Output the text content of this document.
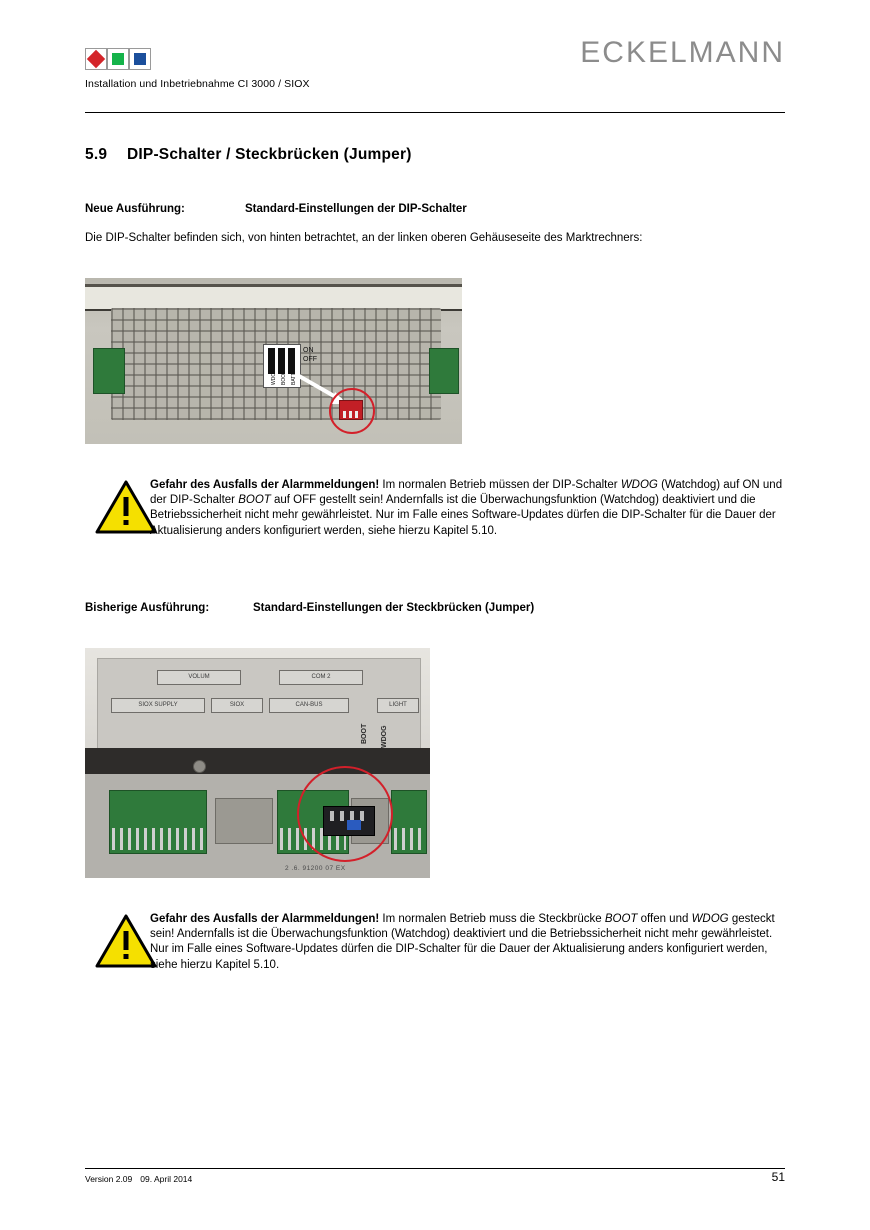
ECKELMANN
Installation und Inbetriebnahme CI 3000 / SIOX
5.9 DIP-Schalter / Steckbrücken (Jumper)
Neue Ausführung:	Standard-Einstellungen der DIP-Schalter
Die DIP-Schalter befinden sich, von hinten betrachtet, an der linken oberen Gehäuseseite des Marktrechners:
WDOG BOOT BATT
ON
OFF
Gefahr des Ausfalls der Alarmmeldungen! Im normalen Betrieb müssen der DIP-Schalter WDOG (Watchdog) auf ON und der DIP-Schalter BOOT auf OFF gestellt sein! Andernfalls ist die Überwachungsfunktion (Watchdog) deaktiviert und die Betriebssicherheit nicht mehr gewährleistet. Nur im Falle eines Software-Updates dürfen die DIP-Schalter für die Dauer der Aktualisierung anders konfiguriert werden, siehe hierzu Kapitel 5.10.
Bisherige Ausführung:	Standard-Einstellungen der Steckbrücken (Jumper)
VOLUM	COM 2
SIOX SUPPLY	SIOX	CAN-BUS	LIGHT
BOOT WDOG
2 .6. 91200 07 EX
Gefahr des Ausfalls der Alarmmeldungen! Im normalen Betrieb muss die Steckbrücke BOOT offen und WDOG gesteckt sein! Andernfalls ist die Überwachungsfunktion (Watchdog) deaktiviert und die Betriebssicherheit nicht mehr gewährleistet. Nur im Falle eines Software-Updates dürfen die DIP-Schalter für die Dauer der Aktualisierung anders konfiguriert werden, siehe hierzu Kapitel 5.10.
Version 2.09 09. April 2014	51
